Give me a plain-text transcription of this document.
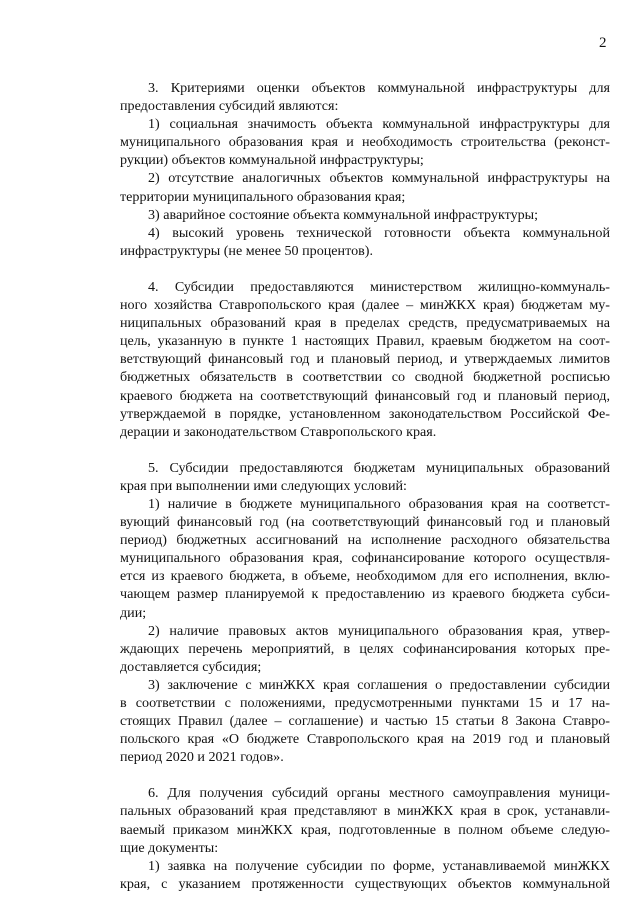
2
3. Критериями оценки объектов коммунальной инфраструктуры для
предоставления субсидий являются:
1) социальная значимость объекта коммунальной инфраструктуры для
муниципального образования края и необходимость строительства (реконст-
рукции) объектов коммунальной инфраструктуры;
2) отсутствие аналогичных объектов коммунальной инфраструктуры на
территории муниципального образования края;
3) аварийное состояние объекта коммунальной инфраструктуры;
4) высокий уровень технической готовности объекта коммунальной
инфраструктуры (не менее 50 процентов).
4. Субсидии предоставляются министерством жилищно-коммуналь-
ного хозяйства Ставропольского края (далее – минЖКХ края) бюджетам му-
ниципальных образований края в пределах средств, предусматриваемых на
цель, указанную в пункте 1 настоящих Правил, краевым бюджетом на соот-
ветствующий финансовый год и плановый период, и утверждаемых лимитов
бюджетных обязательств в соответствии со сводной бюджетной росписью
краевого бюджета на соответствующий финансовый год и плановый период,
утверждаемой в порядке, установленном законодательством Российской Фе-
дерации и законодательством Ставропольского края.
5. Субсидии предоставляются бюджетам муниципальных образований
края при выполнении ими следующих условий:
1) наличие в бюджете муниципального образования края на соответст-
вующий финансовый год (на соответствующий финансовый год и плановый
период) бюджетных ассигнований на исполнение расходного обязательства
муниципального образования края, софинансирование которого осуществля-
ется из краевого бюджета, в объеме, необходимом для его исполнения, вклю-
чающем размер планируемой к предоставлению из краевого бюджета субси-
дии;
2) наличие правовых актов муниципального образования края, утвер-
ждающих перечень мероприятий, в целях софинансирования которых пре-
доставляется субсидия;
3) заключение с минЖКХ края соглашения о предоставлении субсидии
в соответствии с положениями, предусмотренными пунктами 15 и 17 на-
стоящих Правил (далее – соглашение) и частью 15 статьи 8 Закона Ставро-
польского края «О бюджете Ставропольского края на 2019 год и плановый
период 2020 и 2021 годов».
6. Для получения субсидий органы местного самоуправления муници-
пальных образований края представляют в минЖКХ края в срок, устанавли-
ваемый приказом минЖКХ края, подготовленные в полном объеме следую-
щие документы:
1) заявка на получение субсидии по форме, устанавливаемой минЖКХ
края, с указанием протяженности существующих объектов коммунальной
